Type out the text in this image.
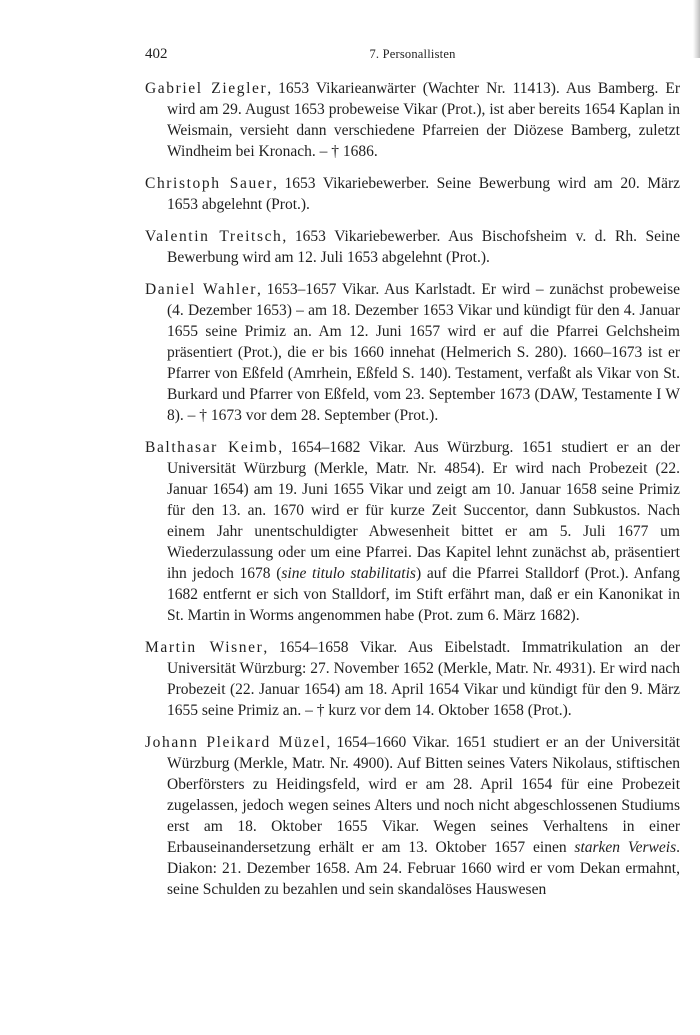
402	7. Personallisten

Gabriel Ziegler, 1653 Vikarieanwärter (Wachter Nr. 11413). Aus Bamberg. Er wird am 29. August 1653 probeweise Vikar (Prot.), ist aber bereits 1654 Kaplan in Weismain, versieht dann verschiedene Pfarreien der Diözese Bamberg, zuletzt Windheim bei Kronach. – † 1686.

Christoph Sauer, 1653 Vikariebewerber. Seine Bewerbung wird am 20. März 1653 abgelehnt (Prot.).

Valentin Treitsch, 1653 Vikariebewerber. Aus Bischofsheim v. d. Rh. Seine Bewerbung wird am 12. Juli 1653 abgelehnt (Prot.).

Daniel Wahler, 1653–1657 Vikar. Aus Karlstadt. Er wird – zunächst probeweise (4. Dezember 1653) – am 18. Dezember 1653 Vikar und kündigt für den 4. Januar 1655 seine Primiz an. Am 12. Juni 1657 wird er auf die Pfarrei Gelchsheim präsentiert (Prot.), die er bis 1660 innehat (Helmerich S. 280). 1660–1673 ist er Pfarrer von Eßfeld (Amrhein, Eßfeld S. 140). Testament, verfaßt als Vikar von St. Burkard und Pfarrer von Eßfeld, vom 23. September 1673 (DAW, Testamente I W 8). – † 1673 vor dem 28. September (Prot.).

Balthasar Keimb, 1654–1682 Vikar. Aus Würzburg. 1651 studiert er an der Universität Würzburg (Merkle, Matr. Nr. 4854). Er wird nach Probezeit (22. Januar 1654) am 19. Juni 1655 Vikar und zeigt am 10. Januar 1658 seine Primiz für den 13. an. 1670 wird er für kurze Zeit Succentor, dann Subkustos. Nach einem Jahr unentschuldigter Abwesenheit bittet er am 5. Juli 1677 um Wiederzulassung oder um eine Pfarrei. Das Kapitel lehnt zunächst ab, präsentiert ihn jedoch 1678 (sine titulo stabilitatis) auf die Pfarrei Stalldorf (Prot.). Anfang 1682 entfernt er sich von Stalldorf, im Stift erfährt man, daß er ein Kanonikat in St. Martin in Worms angenommen habe (Prot. zum 6. März 1682).

Martin Wisner, 1654–1658 Vikar. Aus Eibelstadt. Immatrikulation an der Universität Würzburg: 27. November 1652 (Merkle, Matr. Nr. 4931). Er wird nach Probezeit (22. Januar 1654) am 18. April 1654 Vikar und kündigt für den 9. März 1655 seine Primiz an. – † kurz vor dem 14. Oktober 1658 (Prot.).

Johann Pleikard Müzel, 1654–1660 Vikar. 1651 studiert er an der Universität Würzburg (Merkle, Matr. Nr. 4900). Auf Bitten seines Vaters Nikolaus, stiftischen Oberförsters zu Heidingsfeld, wird er am 28. April 1654 für eine Probezeit zugelassen, jedoch wegen seines Alters und noch nicht abgeschlossenen Studiums erst am 18. Oktober 1655 Vikar. Wegen seines Verhaltens in einer Erbauseinandersetzung erhält er am 13. Oktober 1657 einen starken Verweis. Diakon: 21. Dezember 1658. Am 24. Februar 1660 wird er vom Dekan ermahnt, seine Schulden zu bezahlen und sein skandalöses Hauswesen
